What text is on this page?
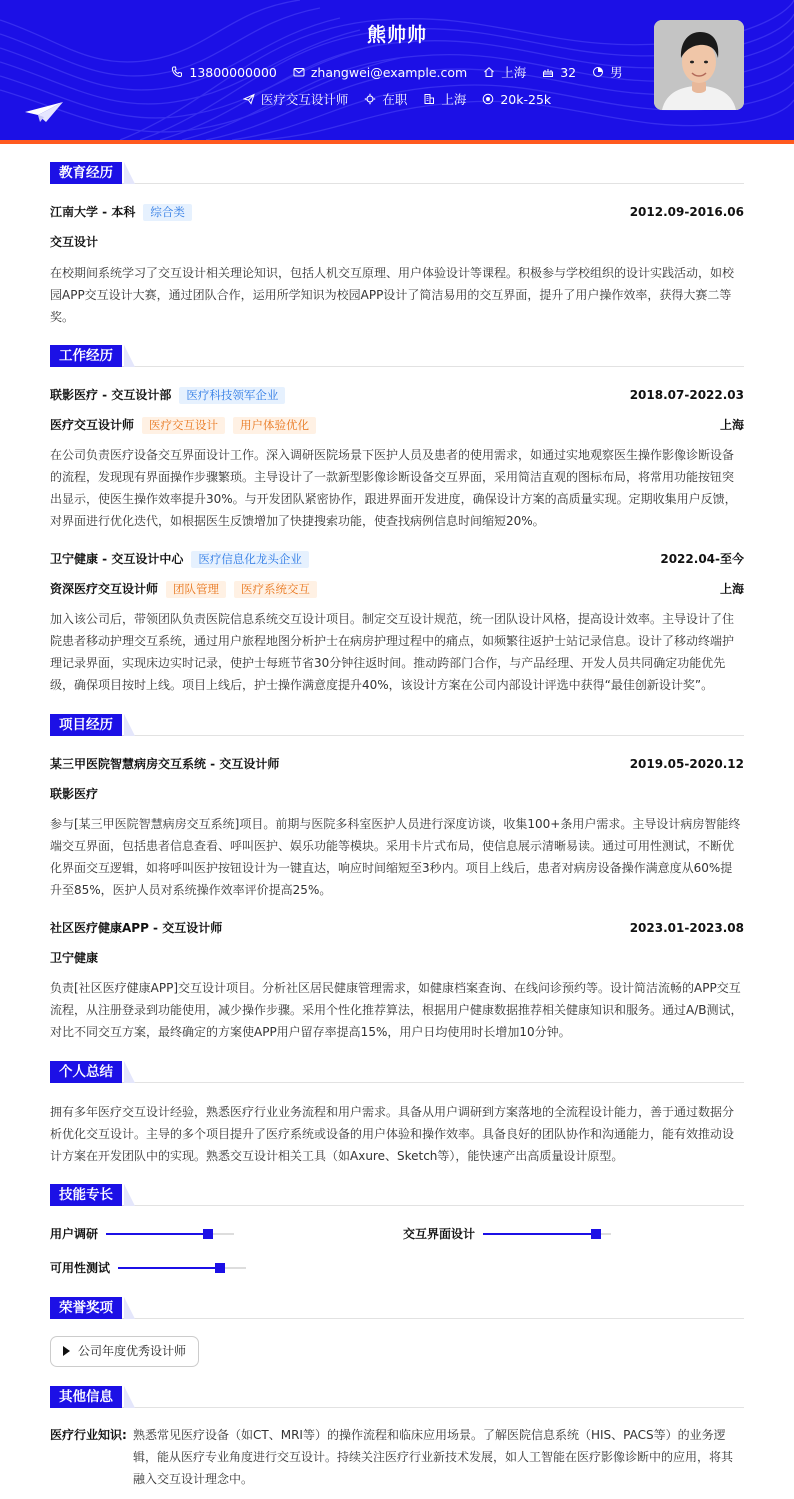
熊帅帅
13800000000
	zhangwei@example.com
	上海
	32
	男
医疗交互设计师
	在职
	上海
	20k-25k
教育经历
江南大学 - 本科 综合类	2012.09-2016.06
交互设计
在校期间系统学习了交互设计相关理论知识，包括人机交互原理、用户体验设计等课程。积极参与学校组织的设计实践活动，如校园APP交互设计大赛，通过团队合作，运用所学知识为校园APP设计了简洁易用的交互界面，提升了用户操作效率，获得大赛二等奖。
工作经历
联影医疗 - 交互设计部 医疗科技领军企业	2018.07-2022.03
医疗交互设计师 医疗交互设计 用户体验优化	上海
在公司负责医疗设备交互界面设计工作。深入调研医院场景下医护人员及患者的使用需求，如通过实地观察医生操作影像诊断设备的流程，发现现有界面操作步骤繁琐。主导设计了一款新型影像诊断设备交互界面，采用简洁直观的图标布局，将常用功能按钮突出显示，使医生操作效率提升30%。与开发团队紧密协作，跟进界面开发进度，确保设计方案的高质量实现。定期收集用户反馈，对界面进行优化迭代，如根据医生反馈增加了快捷搜索功能，使查找病例信息时间缩短20%。
卫宁健康 - 交互设计中心 医疗信息化龙头企业	2022.04-至今
资深医疗交互设计师 团队管理 医疗系统交互	上海
加入该公司后，带领团队负责医院信息系统交互设计项目。制定交互设计规范，统一团队设计风格，提高设计效率。主导设计了住院患者移动护理交互系统，通过用户旅程地图分析护士在病房护理过程中的痛点，如频繁往返护士站记录信息。设计了移动终端护理记录界面，实现床边实时记录，使护士每班节省30分钟往返时间。推动跨部门合作，与产品经理、开发人员共同确定功能优先级，确保项目按时上线。项目上线后，护士操作满意度提升40%，该设计方案在公司内部设计评选中获得“最佳创新设计奖”。
项目经历
某三甲医院智慧病房交互系统 - 交互设计师	2019.05-2020.12
联影医疗
参与[某三甲医院智慧病房交互系统]项目。前期与医院多科室医护人员进行深度访谈，收集100+条用户需求。主导设计病房智能终端交互界面，包括患者信息查看、呼叫医护、娱乐功能等模块。采用卡片式布局，使信息展示清晰易读。通过可用性测试，不断优化界面交互逻辑，如将呼叫医护按钮设计为一键直达，响应时间缩短至3秒内。项目上线后，患者对病房设备操作满意度从60%提升至85%，医护人员对系统操作效率评价提高25%。
社区医疗健康APP - 交互设计师	2023.01-2023.08
卫宁健康
负责[社区医疗健康APP]交互设计项目。分析社区居民健康管理需求，如健康档案查询、在线问诊预约等。设计简洁流畅的APP交互流程，从注册登录到功能使用，减少操作步骤。采用个性化推荐算法，根据用户健康数据推荐相关健康知识和服务。通过A/B测试，对比不同交互方案，最终确定的方案使APP用户留存率提高15%，用户日均使用时长增加10分钟。
个人总结
拥有多年医疗交互设计经验，熟悉医疗行业业务流程和用户需求。具备从用户调研到方案落地的全流程设计能力，善于通过数据分析优化交互设计。主导的多个项目提升了医疗系统或设备的用户体验和操作效率。具备良好的团队协作和沟通能力，能有效推动设计方案在开发团队中的实现。熟悉交互设计相关工具（如Axure、Sketch等），能快速产出高质量设计原型。
技能专长
用户调研	交互界面设计
可用性测试
荣誉奖项
公司年度优秀设计师
其他信息
医疗行业知识: 熟悉常见医疗设备（如CT、MRI等）的操作流程和临床应用场景。了解医院信息系统（HIS、PACS等）的业务逻辑，能从医疗专业角度进行交互设计。持续关注医疗行业新技术发展，如人工智能在医疗影像诊断中的应用，将其融入交互设计理念中。
